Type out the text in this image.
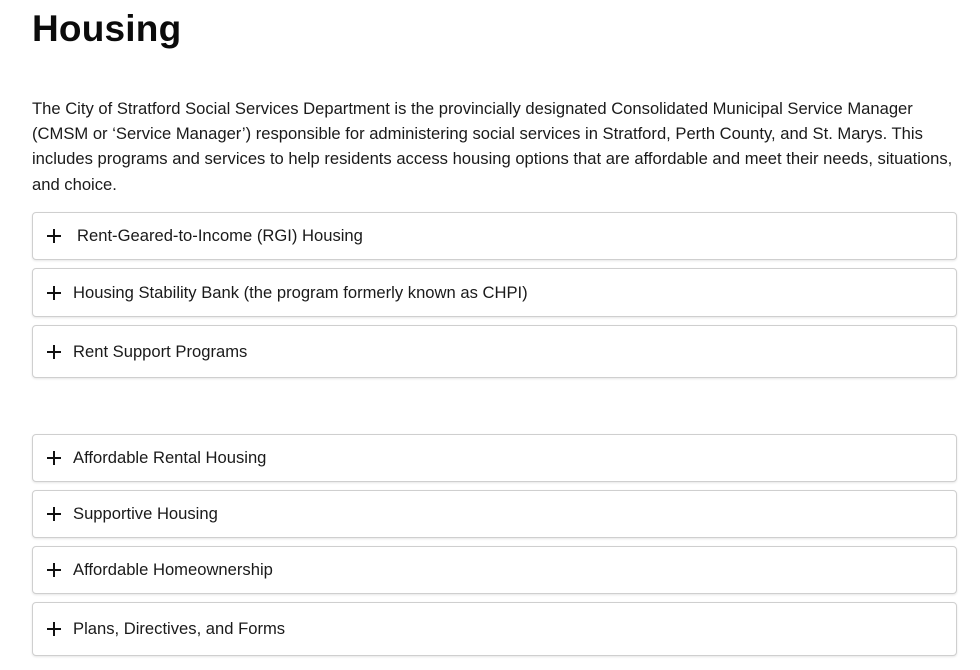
Housing

The City of Stratford Social Services Department is the provincially designated Consolidated Municipal Service Manager (CMSM or ‘Service Manager’) responsible for administering social services in Stratford, Perth County, and St. Marys. This includes programs and services to help residents access housing options that are affordable and meet their needs, situations, and choice.

Rent-Geared-to-Income (RGI) Housing
Housing Stability Bank (the program formerly known as CHPI)
Rent Support Programs
Affordable Rental Housing
Supportive Housing
Affordable Homeownership
Plans, Directives, and Forms
